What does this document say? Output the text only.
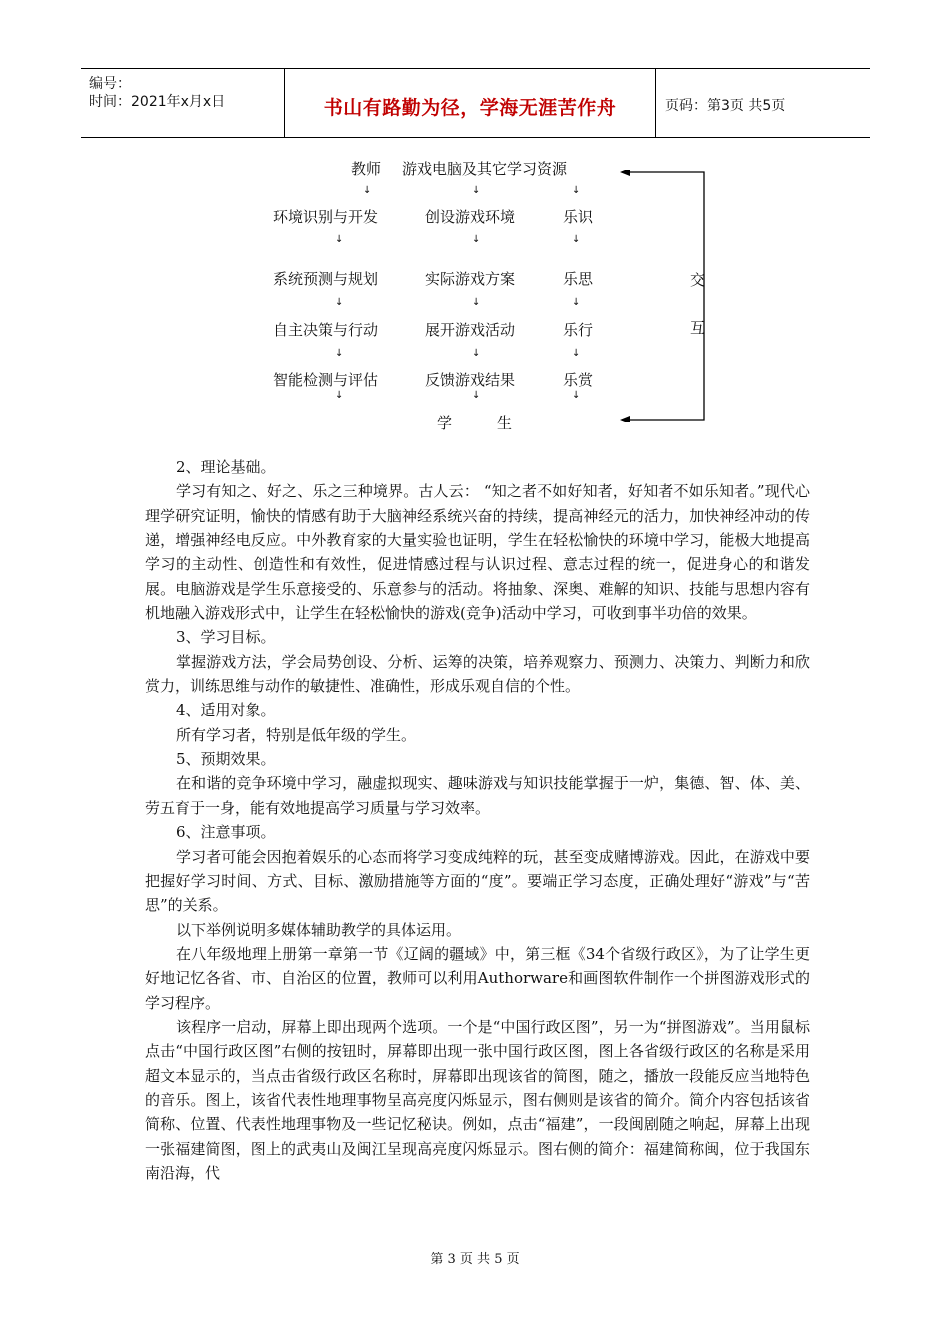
编号：
时间：2021年x月x日	书山有路勤为径，学海无涯苦作舟	页码：第3页 共5页
教师 游戏电脑及其它学习资源
↓	↓	↓
环境识别与开发	创设游戏环境	乐识
↓	↓	↓
系统预测与规划	实际游戏方案	乐思
↓	↓	↓
自主决策与行动	展开游戏活动	乐行
↓	↓	↓
智能检测与评估	反馈游戏结果	乐赏
↓	↓	↓
学	生
交
互

2、理论基础。

学习有知之、好之、乐之三种境界。古人云： “知之者不如好知者，好知者不如乐知者。”现代心理学研究证明，愉快的情感有助于大脑神经系统兴奋的持续，提高神经元的活力，加快神经冲动的传递，增强神经电反应。中外教育家的大量实验也证明，学生在轻松愉快的环境中学习，能极大地提高学习的主动性、创造性和有效性，促进情感过程与认识过程、意志过程的统一，促进身心的和谐发展。电脑游戏是学生乐意接受的、乐意参与的活动。将抽象、深奥、难解的知识、技能与思想内容有机地融入游戏形式中，让学生在轻松愉快的游戏(竞争)活动中学习，可收到事半功倍的效果。

3、学习目标。

掌握游戏方法，学会局势创设、分析、运筹的决策，培养观察力、预测力、决策力、判断力和欣赏力，训练思维与动作的敏捷性、准确性，形成乐观自信的个性。

4、适用对象。

所有学习者，特别是低年级的学生。

5、预期效果。

在和谐的竞争环境中学习，融虚拟现实、趣味游戏与知识技能掌握于一炉，集德、智、体、美、劳五育于一身，能有效地提高学习质量与学习效率。

6、注意事项。

学习者可能会因抱着娱乐的心态而将学习变成纯粹的玩，甚至变成赌博游戏。因此，在游戏中要把握好学习时间、方式、目标、激励措施等方面的“度”。要端正学习态度，正确处理好“游戏”与“苦思”的关系。

以下举例说明多媒体辅助教学的具体运用。

在八年级地理上册第一章第一节《辽阔的疆域》中，第三框《34个省级行政区》，为了让学生更好地记忆各省、市、自治区的位置，教师可以利用Authorware和画图软件制作一个拼图游戏形式的学习程序。

该程序一启动，屏幕上即出现两个选项。一个是“中国行政区图”，另一为“拼图游戏”。当用鼠标点击“中国行政区图”右侧的按钮时，屏幕即出现一张中国行政区图，图上各省级行政区的名称是采用超文本显示的，当点击省级行政区名称时，屏幕即出现该省的简图，随之，播放一段能反应当地特色的音乐。图上，该省代表性地理事物呈高亮度闪烁显示，图右侧则是该省的简介。简介内容包括该省简称、位置、代表性地理事物及一些记忆秘诀。例如，点击“福建”，一段闽剧随之响起，屏幕上出现一张福建简图，图上的武夷山及闽江呈现高亮度闪烁显示。图右侧的简介：福建简称闽，位于我国东南沿海，代

第 3 页 共 5 页
